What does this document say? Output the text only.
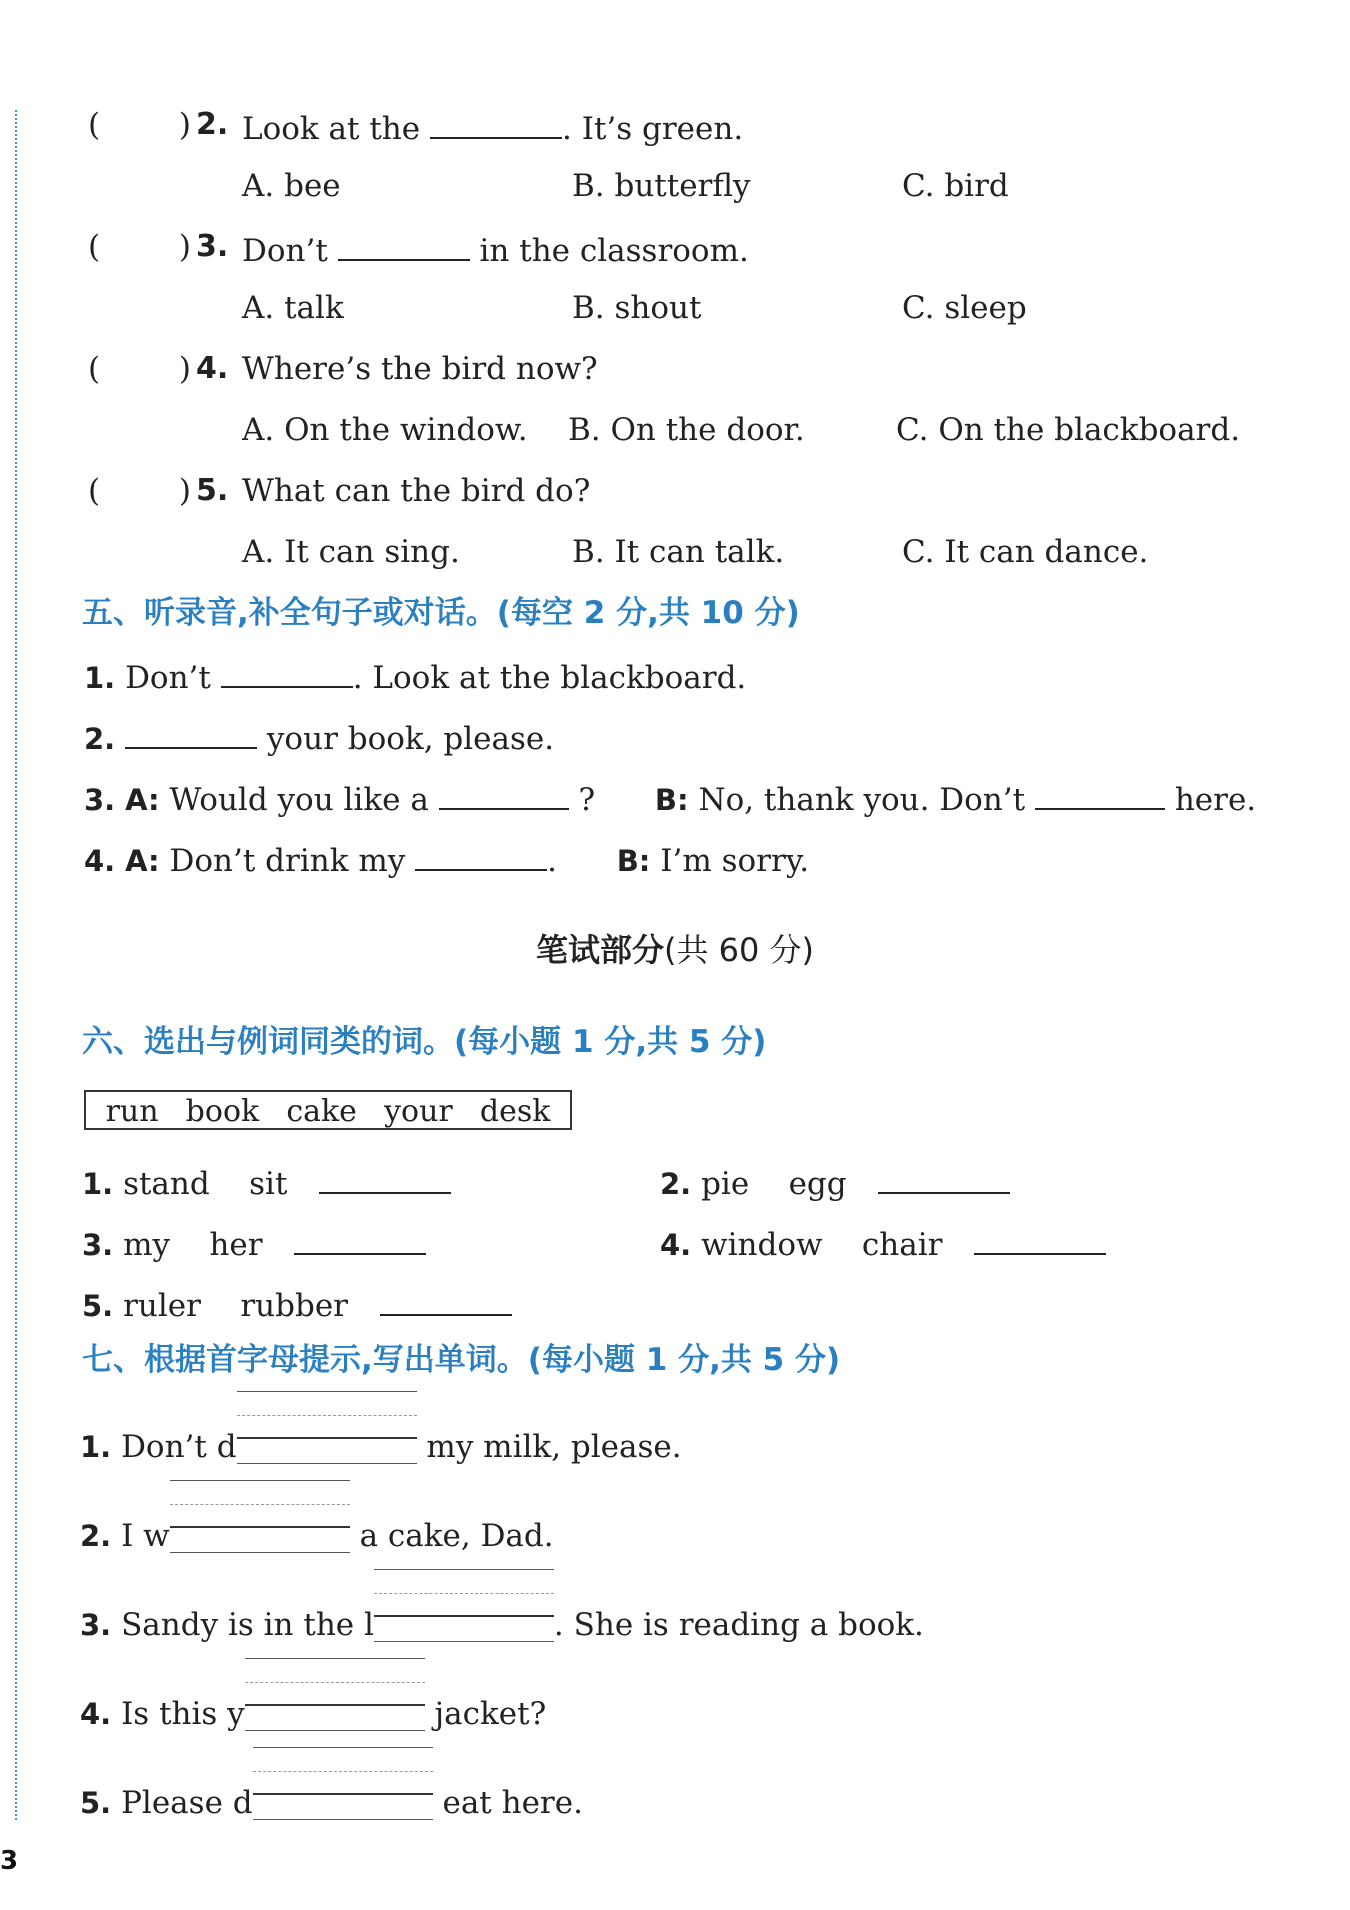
(        ) 2. Look at the	. It’s green.
A. bee	B. butterfly	C. bird
(        ) 3. Don’t	in the classroom.
A. talk	B. shout	C. sleep
(        ) 4. Where’s the bird now?
A. On the window. B. On the door.	C. On the blackboard.
(        ) 5. What can the bird do?
A. It can sing.	B. It can talk.	C. It can dance.
五、听录音,补全句子或对话。(每空 2 分,共 10 分)
1. Don’t	. Look at the blackboard.
2.	your book, please.
3. A: Would you like a	? B: No, thank you. Don’t	here.
4. A: Don’t drink my	. B: I’m sorry.
笔试部分(共 60 分)
六、选出与例词同类的词。(每小题 1 分,共 5 分)
run book cake your desk
1. stand    sit	2. pie    egg
3. my    her	4. window    chair
5. ruler    rubber
七、根据首字母提示,写出单词。(每小题 1 分,共 5 分)
1. Don’t d	my milk, please.
2. I w	a cake, Dad.
3. Sandy is in the l	. She is reading a book.
4. Is this y	jacket?
5. Please d	eat here.
3
